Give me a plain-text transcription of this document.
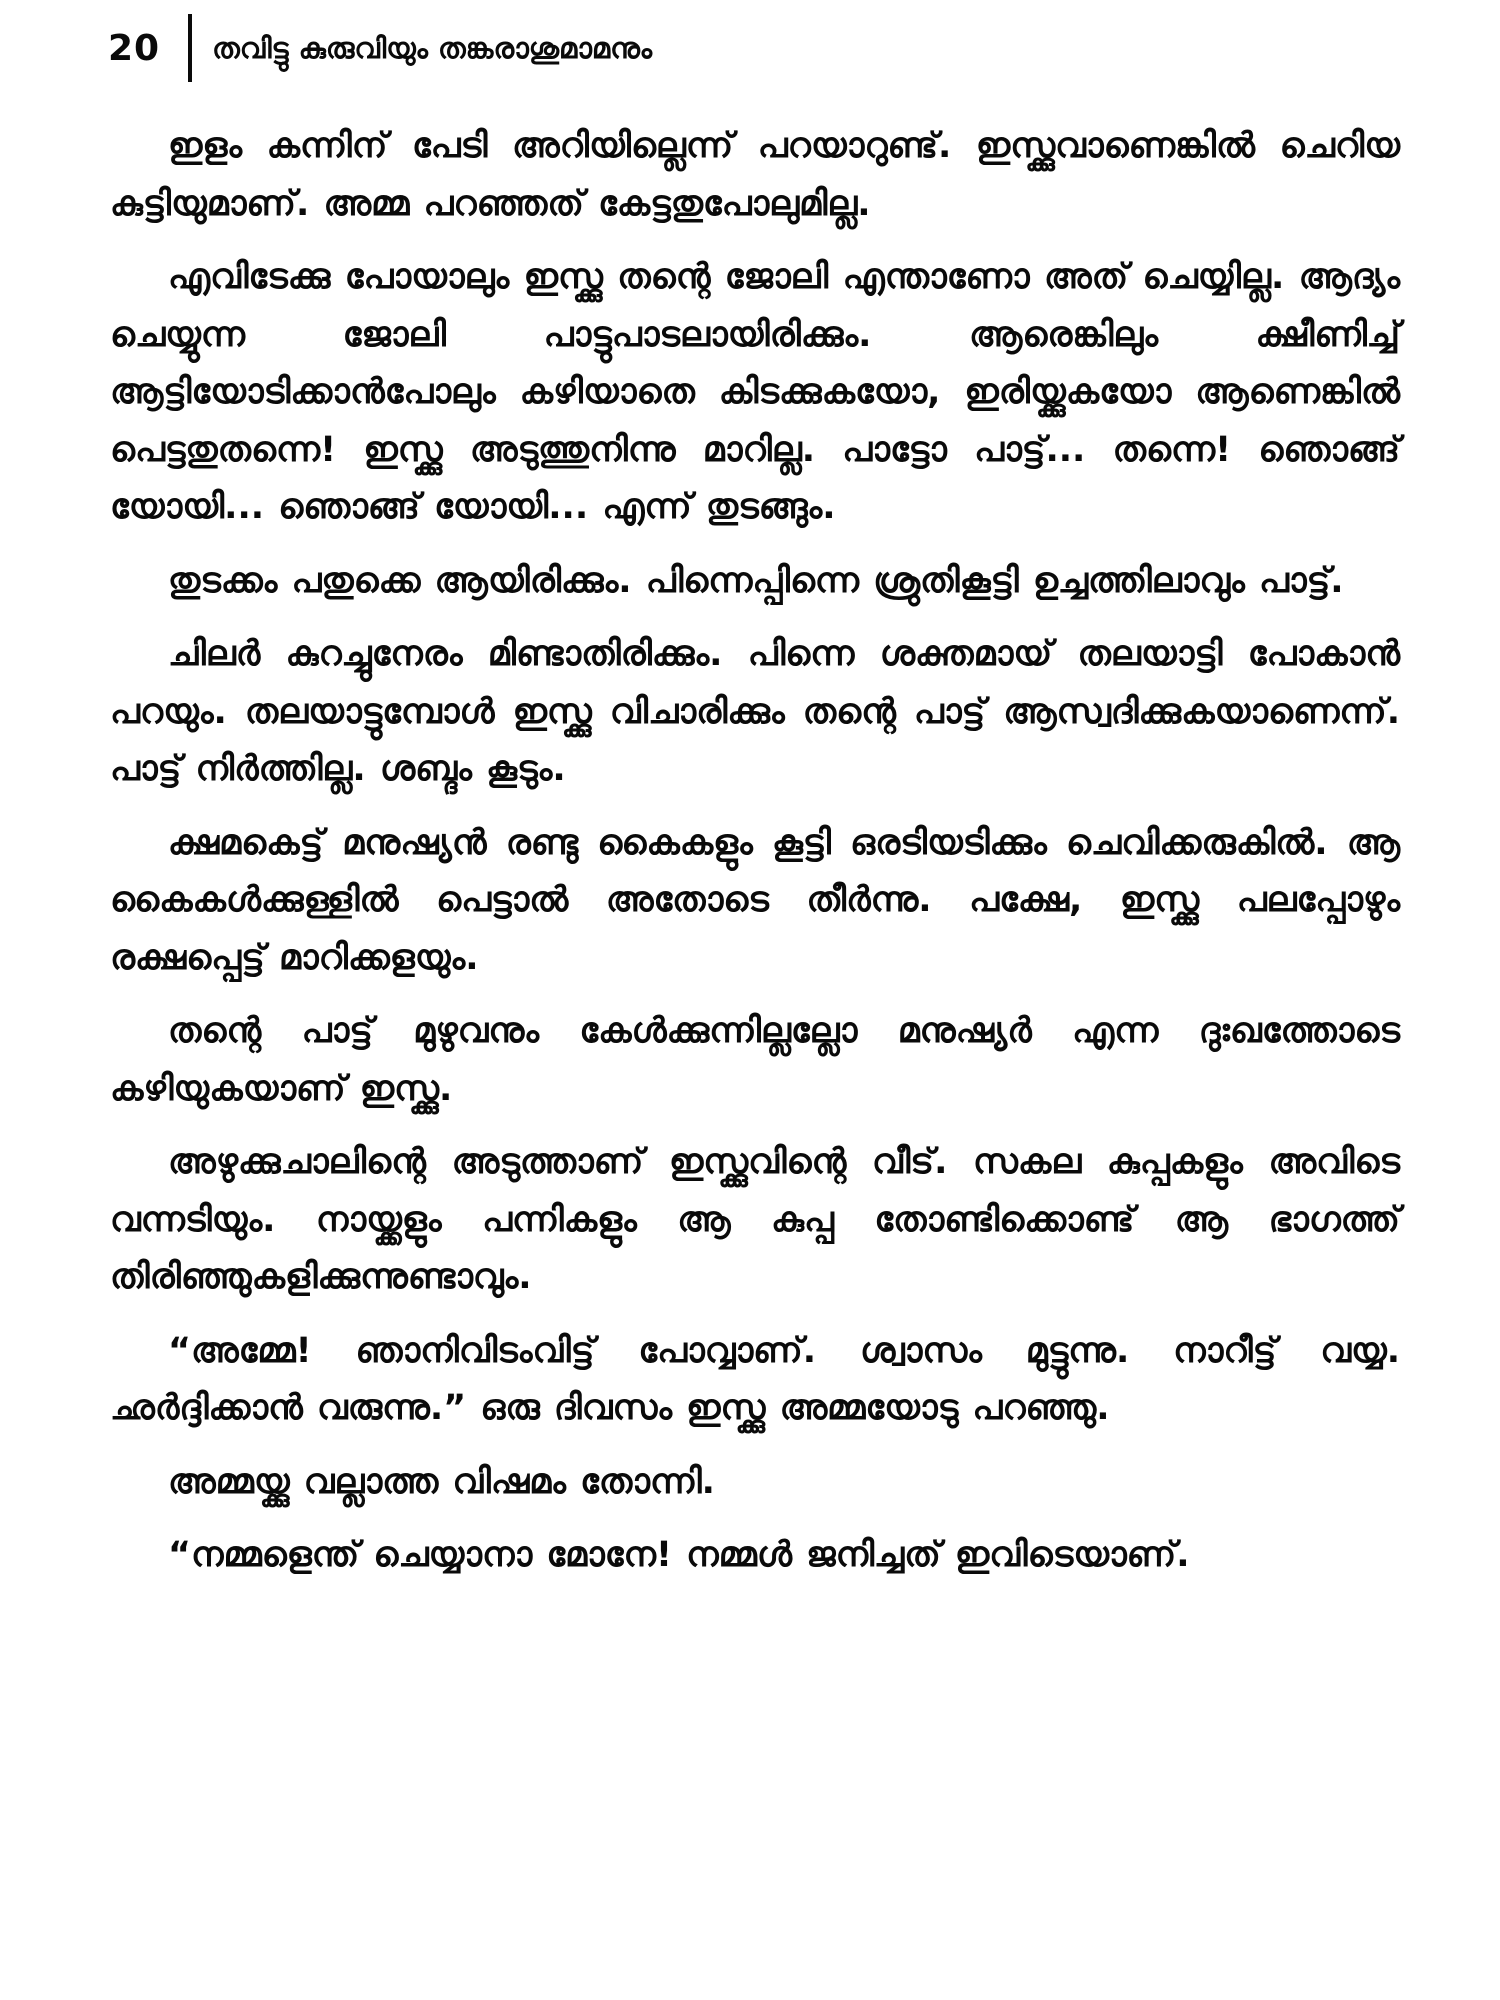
20	തവിട്ടു കുരുവിയും തങ്കരാശുമാമനും

ഇളം കന്നിന് പേടി അറിയില്ലെന്ന് പറയാറുണ്ട്. ഇസ്ക്കുവാണെങ്കിൽ ചെറിയ കുട്ടിയുമാണ്. അമ്മ പറഞ്ഞത് കേട്ടതുപോലുമില്ല.

എവിടേക്കു പോയാലും ഇസ്ക്കു തന്റെ ജോലി എന്താണോ അത് ചെയ്യില്ല. ആദ്യം ചെയ്യുന്ന ജോലി പാട്ടുപാടലായിരിക്കും. ആരെങ്കിലും ക്ഷീണിച്ച് ആട്ടിയോടിക്കാൻപോലും കഴിയാതെ കിടക്കുകയോ, ഇരിയ്ക്കുകയോ ആണെങ്കിൽ പെട്ടതുതന്നെ! ഇസ്ക്കു അടുത്തുനിന്നു മാറില്ല. പാട്ടോ പാട്ട്... തന്നെ! ഞൊങ്ങ് യോയി... ഞൊങ്ങ് യോയി... എന്ന് തുടങ്ങും.

തുടക്കം പതുക്കെ ആയിരിക്കും. പിന്നെപ്പിന്നെ ശ്രുതികൂട്ടി ഉച്ചത്തിലാവും പാട്ട്.

ചിലർ കുറച്ചുനേരം മിണ്ടാതിരിക്കും. പിന്നെ ശക്തമായ് തലയാട്ടി പോകാൻ പറയും. തലയാട്ടുമ്പോൾ ഇസ്ക്കു വിചാരിക്കും തന്റെ പാട്ട് ആസ്വദിക്കുകയാണെന്ന്. പാട്ട് നിർത്തില്ല. ശബ്ദം കൂടും.

ക്ഷമകെട്ട് മനുഷ്യൻ രണ്ടു കൈകളും കൂട്ടി ഒരടിയടിക്കും ചെവിക്കരുകിൽ. ആ കൈകൾക്കുള്ളിൽ പെട്ടാൽ അതോടെ തീർന്നു. പക്ഷേ, ഇസ്ക്കു പലപ്പോഴും രക്ഷപ്പെട്ട് മാറിക്കളയും.

തന്റെ പാട്ട് മുഴുവനും കേൾക്കുന്നില്ലല്ലോ മനുഷ്യർ എന്ന ദുഃഖത്തോടെ കഴിയുകയാണ് ഇസ്ക്കു.

അഴുക്കുചാലിന്റെ അടുത്താണ് ഇസ്ക്കുവിന്റെ വീട്. സകല കുപ്പകളും അവിടെ വന്നടിയും. നായ്ക്കളും പന്നികളും ആ കുപ്പ തോണ്ടിക്കൊണ്ട് ആ ഭാഗത്ത് തിരിഞ്ഞുകളിക്കുന്നുണ്ടാവും.

“അമ്മേ! ഞാനിവിടംവിട്ട് പോവ്വാണ്. ശ്വാസം മുട്ടുന്നു. നാറീട്ട് വയ്യ. ഛർദ്ദിക്കാൻ വരുന്നു.” ഒരു ദിവസം ഇസ്ക്കു അമ്മയോടു പറഞ്ഞു.

അമ്മയ്ക്കു വല്ലാത്ത വിഷമം തോന്നി.

“നമ്മളെന്ത് ചെയ്യാനാ മോനേ! നമ്മൾ ജനിച്ചത് ഇവിടെയാണ്.
